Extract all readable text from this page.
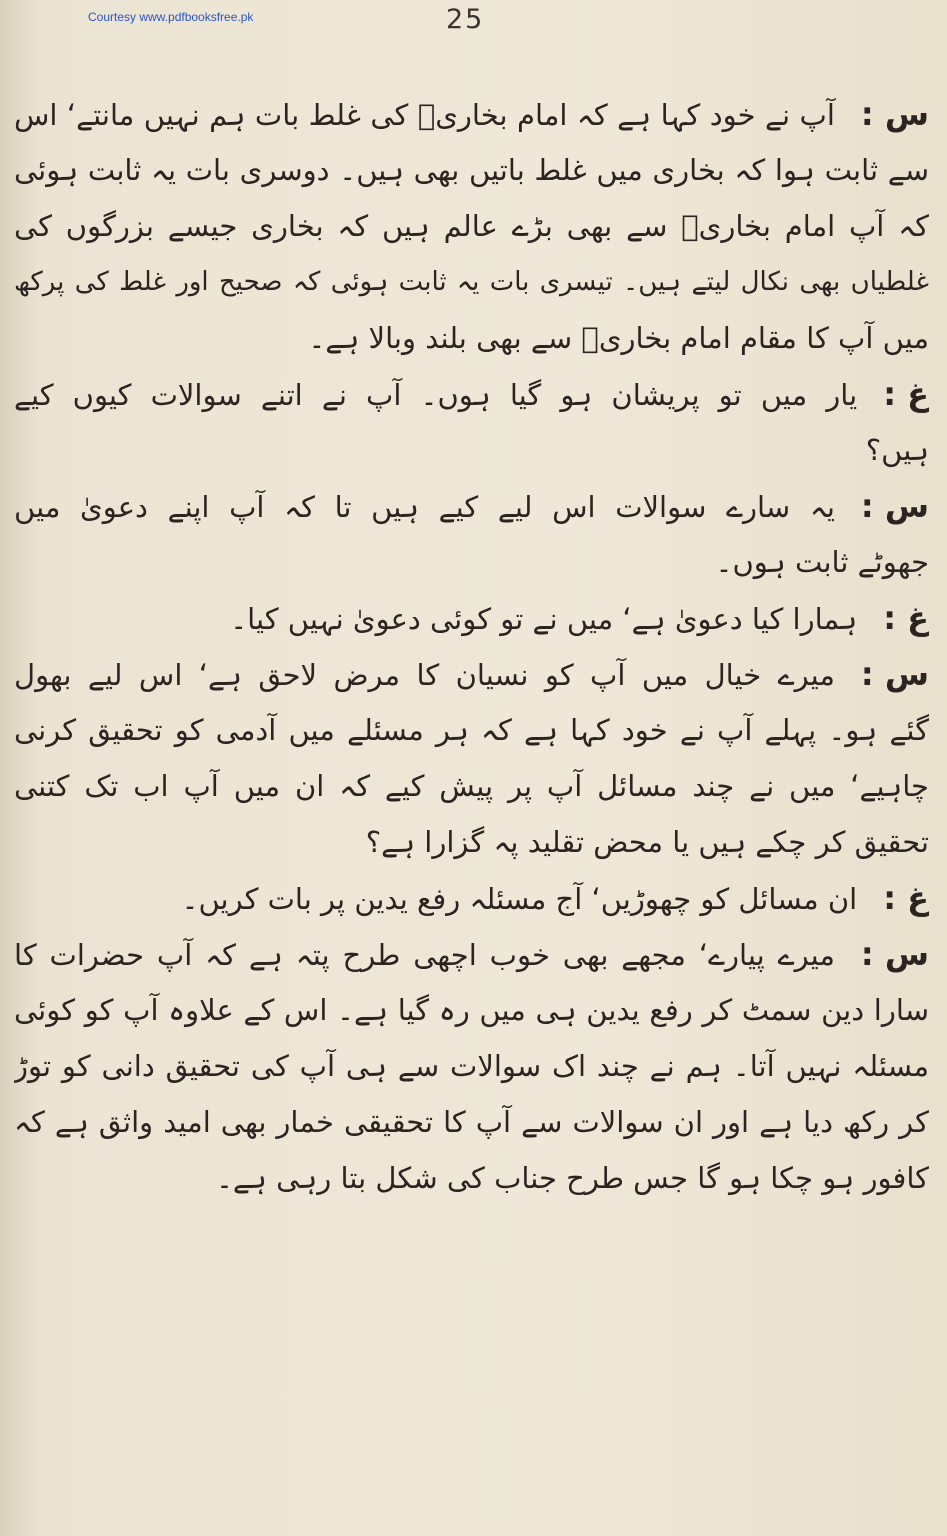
Courtesy www.pdfbooksfree.pk	25
س :آپ نے خود کہا ہے کہ امام بخاریؒ کی غلط بات ہم نہیں مانتے‘ اس
سے ثابت ہوا کہ بخاری میں غلط باتیں بھی ہیں۔ دوسری بات یہ ثابت ہوئی
کہ آپ امام بخاریؒ سے بھی بڑے عالم ہیں کہ بخاری جیسے بزرگوں کی
غلطیاں بھی نکال لیتے ہیں۔ تیسری بات یہ ثابت ہوئی کہ صحیح اور غلط کی پرکھ
میں آپ کا مقام امام بخاریؒ سے بھی بلند وبالا ہے۔
غ :یار میں تو پریشان ہو گیا ہوں۔ آپ نے اتنے سوالات کیوں کیے
ہیں؟
س :یہ سارے سوالات اس لیے کیے ہیں تا کہ آپ اپنے دعویٰ میں
جھوٹے ثابت ہوں۔
غ :ہمارا کیا دعویٰ ہے‘ میں نے تو کوئی دعویٰ نہیں کیا۔
س :میرے خیال میں آپ کو نسیان کا مرض لاحق ہے‘ اس لیے بھول
گئے ہو۔ پہلے آپ نے خود کہا ہے کہ ہر مسئلے میں آدمی کو تحقیق کرنی
چاہیے‘ میں نے چند مسائل آپ پر پیش کیے کہ ان میں آپ اب تک کتنی
تحقیق کر چکے ہیں یا محض تقلید پہ گزارا ہے؟
غ :ان مسائل کو چھوڑیں‘ آج مسئلہ رفع یدین پر بات کریں۔
س :میرے پیارے‘ مجھے بھی خوب اچھی طرح پتہ ہے کہ آپ حضرات کا
سارا دین سمٹ کر رفع یدین ہی میں رہ گیا ہے۔ اس کے علاوہ آپ کو کوئی
مسئلہ نہیں آتا۔ ہم نے چند اک سوالات سے ہی آپ کی تحقیق دانی کو توڑ
کر رکھ دیا ہے اور ان سوالات سے آپ کا تحقیقی خمار بھی امید واثق ہے کہ
کافور ہو چکا ہو گا جس طرح جناب کی شکل بتا رہی ہے۔
